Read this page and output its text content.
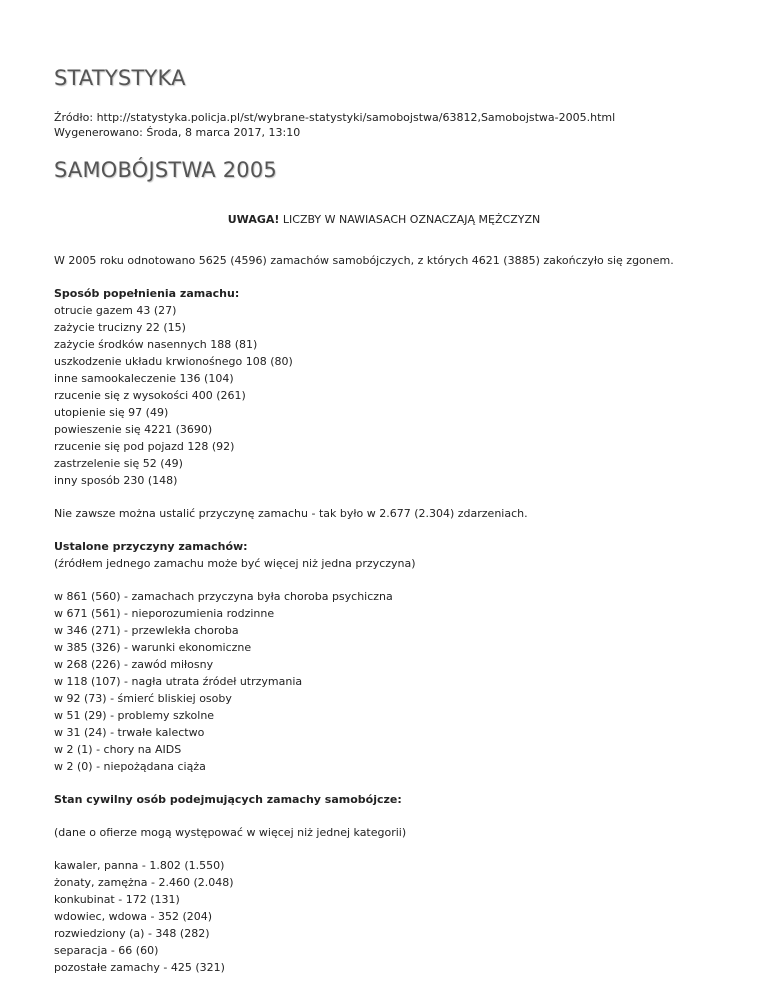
STATYSTYKA
Źródło: http://statystyka.policja.pl/st/wybrane-statystyki/samobojstwa/63812,Samobojstwa-2005.html
Wygenerowano: Środa, 8 marca 2017, 13:10
SAMOBÓJSTWA 2005
UWAGA! LICZBY W NAWIASACH OZNACZAJĄ MĘŻCZYZN
W 2005 roku odnotowano 5625 (4596) zamachów samobójczych, z których 4621 (3885) zakończyło się zgonem.
Sposób popełnienia zamachu:
otrucie gazem 43 (27)
zażycie trucizny 22 (15)
zażycie środków nasennych 188 (81)
uszkodzenie układu krwionośnego 108 (80)
inne samookaleczenie 136 (104)
rzucenie się z wysokości 400 (261)
utopienie się 97 (49)
powieszenie się 4221 (3690)
rzucenie się pod pojazd 128 (92)
zastrzelenie się 52 (49)
inny sposób 230 (148)
Nie zawsze można ustalić przyczynę zamachu - tak było w 2.677 (2.304) zdarzeniach.
Ustalone przyczyny zamachów:
(źródłem jednego zamachu może być więcej niż jedna przyczyna)
w 861 (560) - zamachach przyczyna była choroba psychiczna
w 671 (561) - nieporozumienia rodzinne
w 346 (271) - przewlekła choroba
w 385 (326) - warunki ekonomiczne
w 268 (226) - zawód miłosny
w 118 (107) - nagła utrata źródeł utrzymania
w 92 (73) - śmierć bliskiej osoby
w 51 (29) - problemy szkolne
w 31 (24) - trwałe kalectwo
w 2 (1) - chory na AIDS
w 2 (0) - niepożądana ciąża
Stan cywilny osób podejmujących zamachy samobójcze:
(dane o ofierze mogą występować w więcej niż jednej kategorii)
kawaler, panna - 1.802 (1.550)
żonaty, zamężna - 2.460 (2.048)
konkubinat - 172 (131)
wdowiec, wdowa - 352 (204)
rozwiedziony (a) - 348 (282)
separacja - 66 (60)
pozostałe zamachy - 425 (321)
